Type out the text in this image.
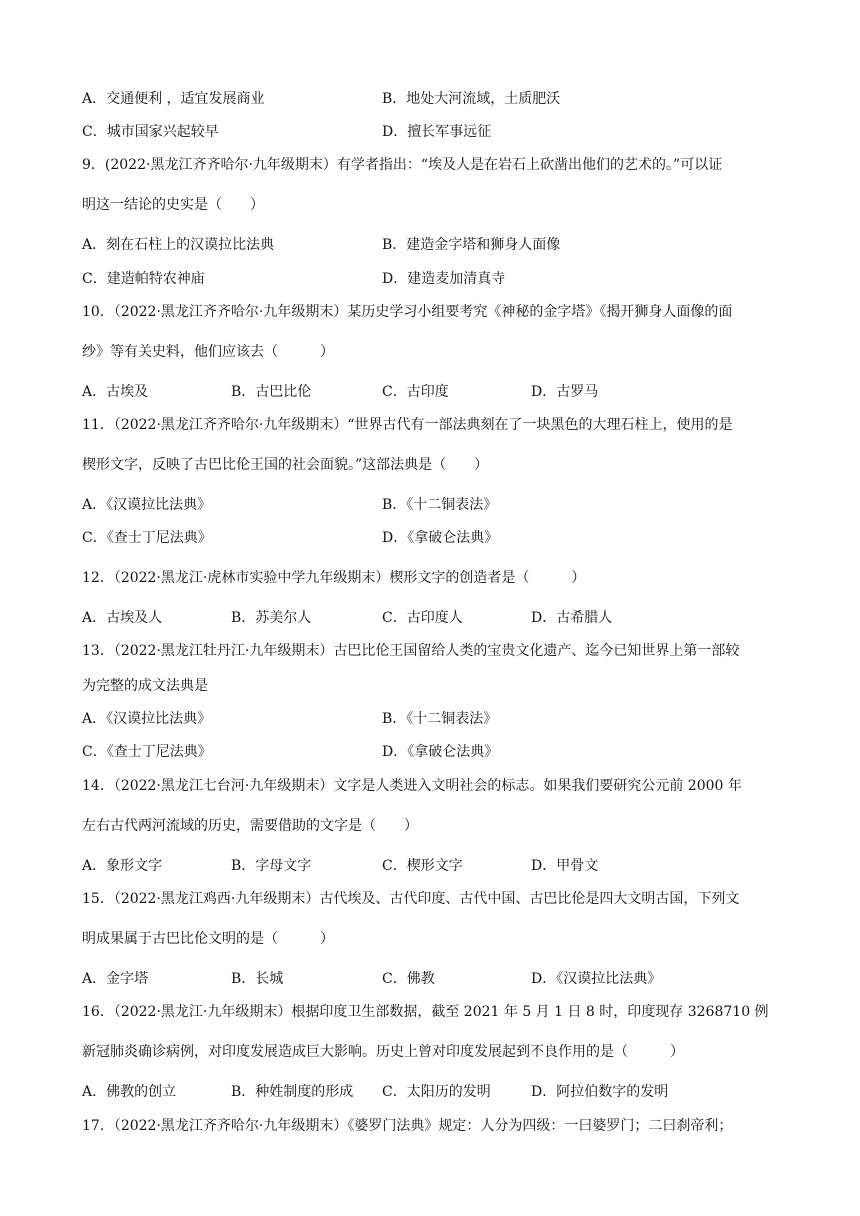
A．交通便利 ，适宜发展商业	B．地处大河流域，土质肥沃
C．城市国家兴起较早	D．擅长军事远征
9．(2022·黑龙江齐齐哈尔·九年级期末）有学者指出：“埃及人是在岩石上砍凿出他们的艺术的。”可以证
明这一结论的史实是（　　）
A．刻在石柱上的汉谟拉比法典	B．建造金字塔和狮身人面像
C．建造帕特农神庙	D．建造麦加清真寺
10．（2022·黑龙江齐齐哈尔·九年级期末）某历史学习小组要考究《神秘的金字塔》《揭开狮身人面像的面
纱》等有关史料，他们应该去（　　　）
A．古埃及	B．古巴比伦	C．古印度	D．古罗马
11．（2022·黑龙江齐齐哈尔·九年级期末）“世界古代有一部法典刻在了一块黑色的大理石柱上，使用的是
楔形文字，反映了古巴比伦王国的社会面貌。”这部法典是（　　）
A．《汉谟拉比法典》	B．《十二铜表法》
C．《查士丁尼法典》	D．《拿破仑法典》
12．（2022·黑龙江·虎林市实验中学九年级期末）楔形文字的创造者是（　　　）
A．古埃及人	B．苏美尔人	C．古印度人	D．古希腊人
13．（2022·黑龙江牡丹江·九年级期末）古巴比伦王国留给人类的宝贵文化遗产、迄今已知世界上第一部较
为完整的成文法典是
A．《汉谟拉比法典》	B．《十二铜表法》
C．《查士丁尼法典》	D．《拿破仑法典》
14．（2022·黑龙江七台河·九年级期末）文字是人类进入文明社会的标志。如果我们要研究公元前 2000 年
左右古代两河流域的历史，需要借助的文字是（　　）
A．象形文字	B．字母文字	C．楔形文字	D．甲骨文
15．（2022·黑龙江鸡西·九年级期末）古代埃及、古代印度、古代中国、古巴比伦是四大文明古国，下列文
明成果属于古巴比伦文明的是（　　　）
A．金字塔	B．长城	C．佛教	D．《汉谟拉比法典》
16．（2022·黑龙江·九年级期末）根据印度卫生部数据，截至 2021 年 5 月 1 日 8 时，印度现存 3268710 例
新冠肺炎确诊病例，对印度发展造成巨大影响。历史上曾对印度发展起到不良作用的是（　　　）
A．佛教的创立	B．种姓制度的形成 C．太阳历的发明	D．阿拉伯数字的发明
17．（2022·黑龙江齐齐哈尔·九年级期末）《婆罗门法典》规定：人分为四级：一曰婆罗门；二曰刹帝利；
